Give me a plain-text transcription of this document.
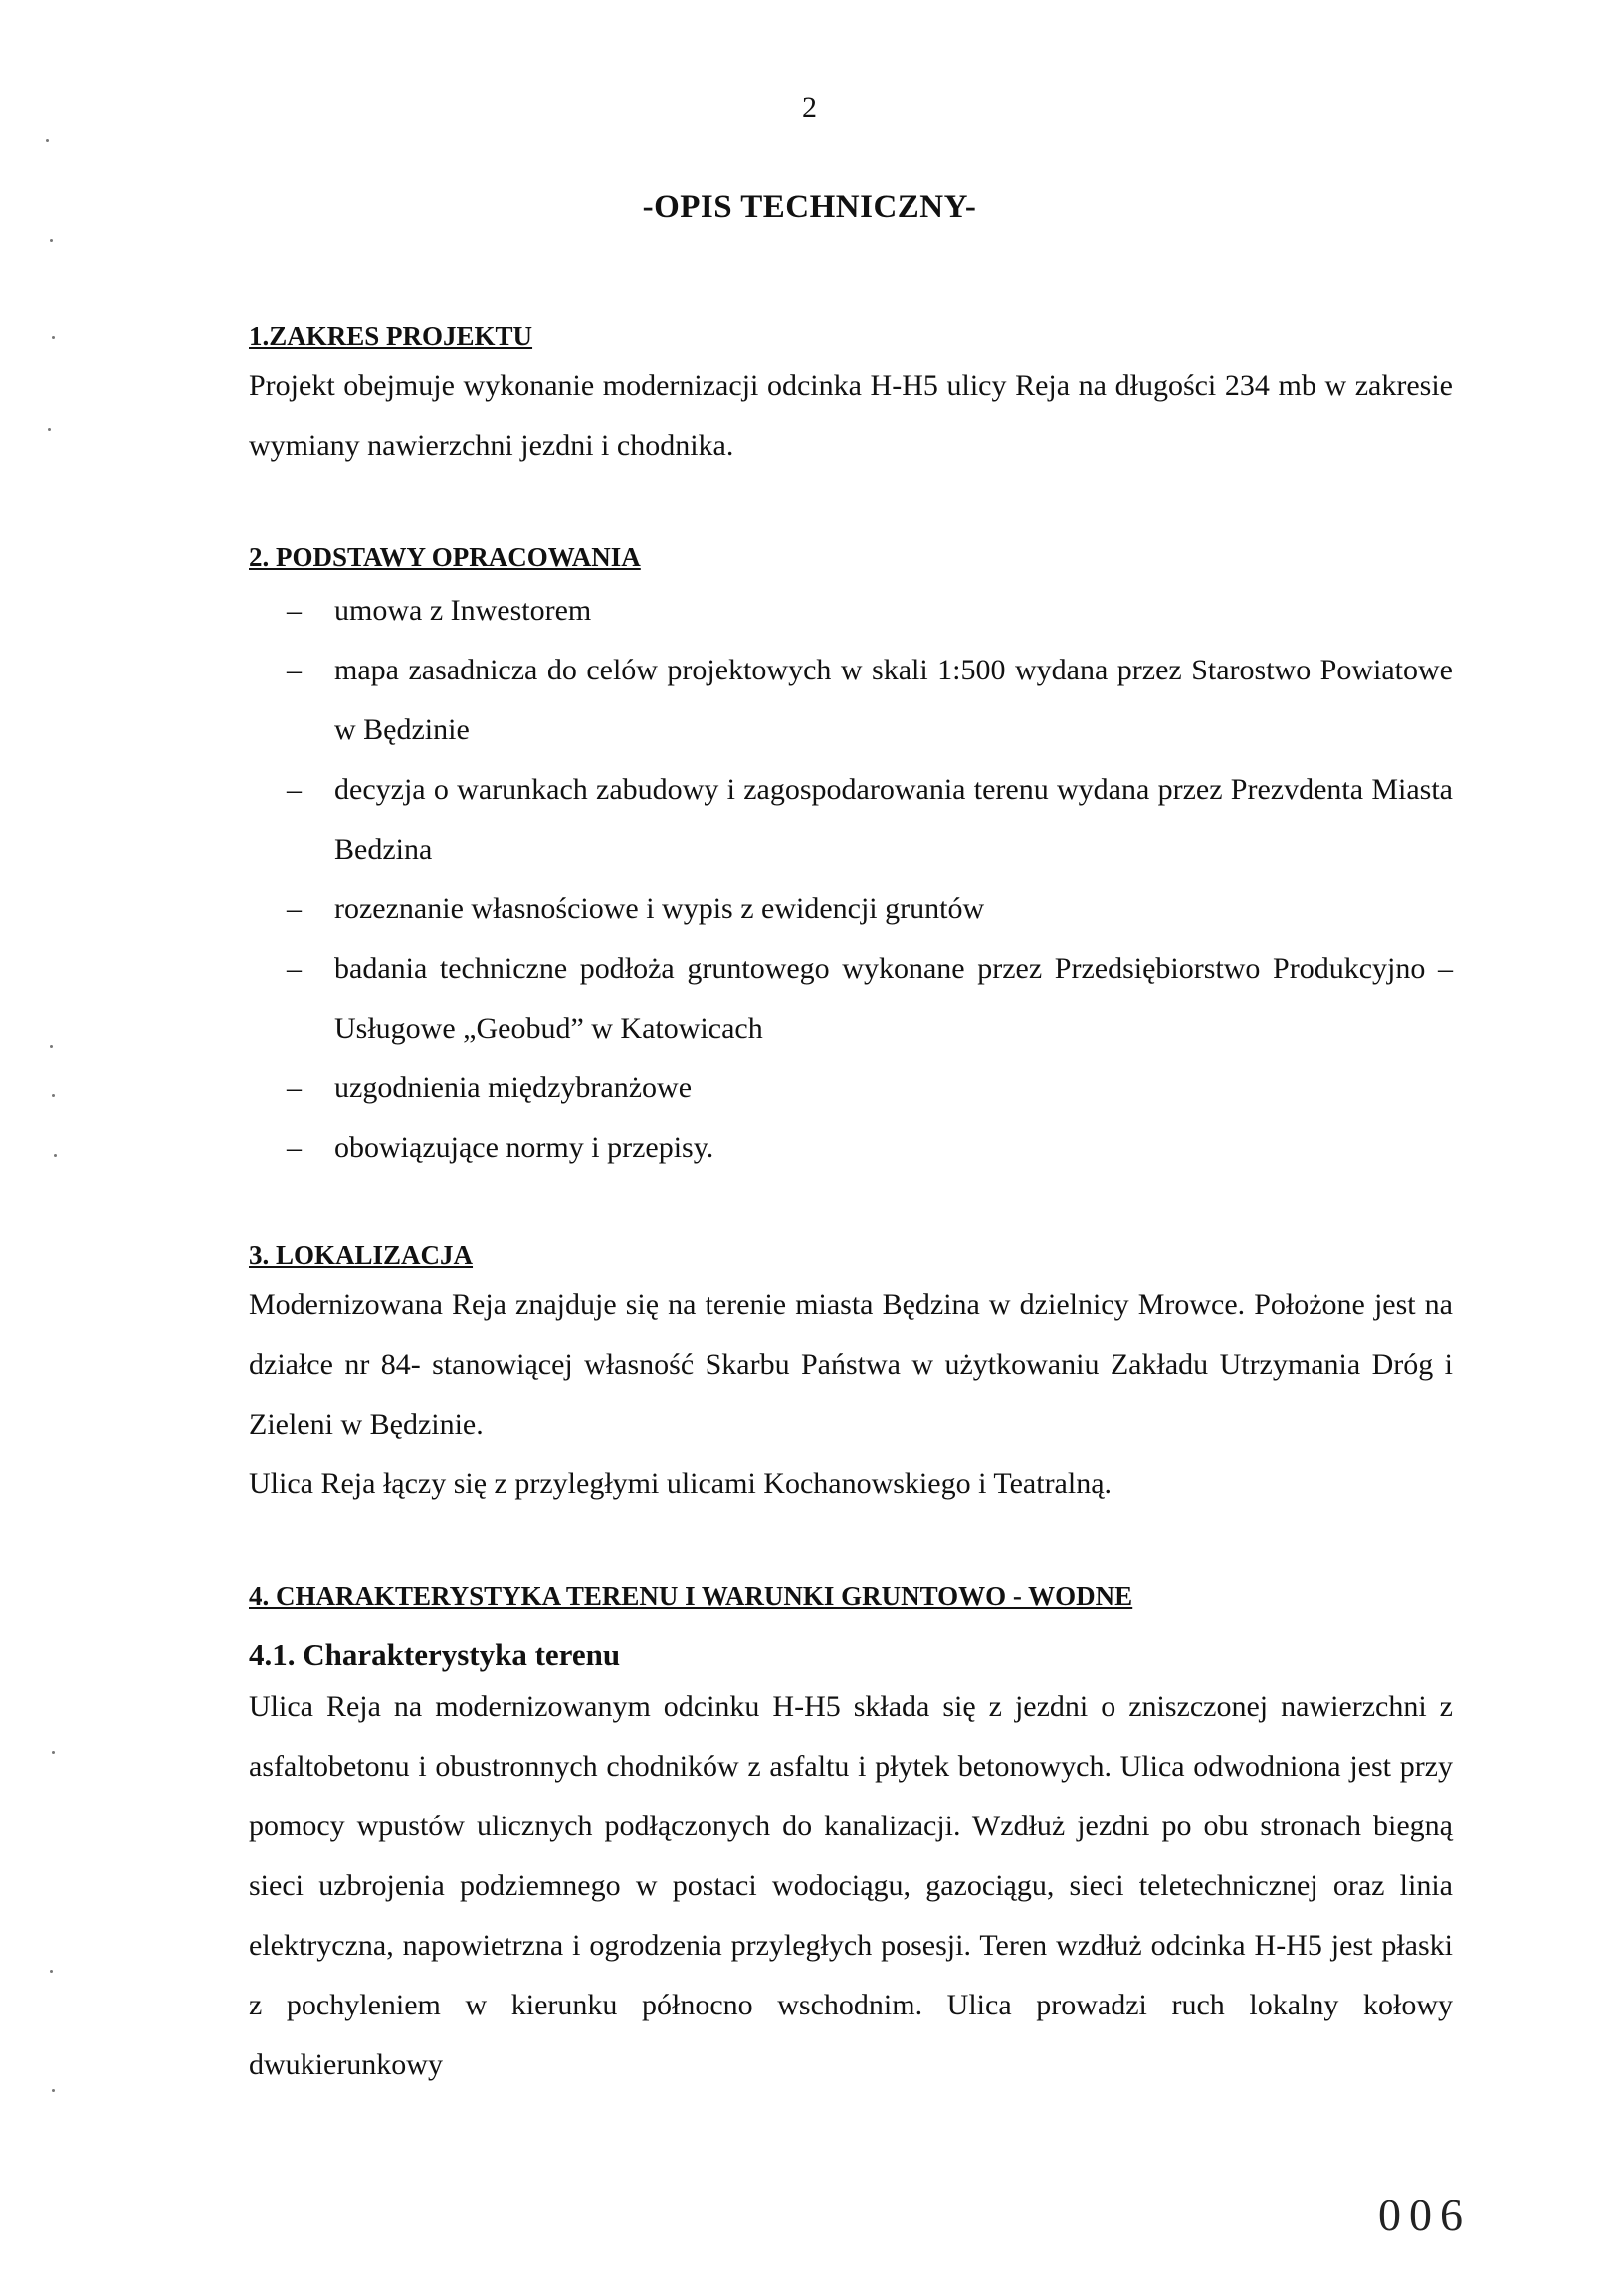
2
-OPIS TECHNICZNY-
1.ZAKRES PROJEKTU

Projekt obejmuje wykonanie modernizacji odcinka H-H5 ulicy Reja na długości 234 mb w zakresie wymiany nawierzchni jezdni i chodnika.

2. PODSTAWY OPRACOWANIA
– umowa z Inwestorem
– mapa zasadnicza do celów projektowych w skali 1:500 wydana przez Starostwo Powiatowe w Będzinie
– decyzja o warunkach zabudowy i zagospodarowania terenu wydana przez Prezvdenta Miasta Bedzina
– rozeznanie własnościowe i wypis z ewidencji gruntów
– badania techniczne podłoża gruntowego wykonane przez Przedsiębiorstwo Produkcyjno – Usługowe „Geobud” w Katowicach
– uzgodnienia międzybranżowe
– obowiązujące normy i przepisy.
3. LOKALIZACJA

Modernizowana Reja znajduje się na terenie miasta Będzina w dzielnicy Mrowce. Położone jest na działce nr 84- stanowiącej własność Skarbu Państwa w użytkowaniu Zakładu Utrzymania Dróg i Zieleni w Będzinie.

Ulica Reja łączy się z przyległymi ulicami Kochanowskiego i Teatralną.

4. CHARAKTERYSTYKA TERENU I WARUNKI GRUNTOWO - WODNE
4.1. Charakterystyka terenu

Ulica Reja na modernizowanym odcinku H-H5 składa się z jezdni o zniszczonej nawierzchni z asfaltobetonu i obustronnych chodników z asfaltu i płytek betonowych. Ulica odwodniona jest przy pomocy wpustów ulicznych podłączonych do kanalizacji. Wzdłuż jezdni po obu stronach biegną sieci uzbrojenia podziemnego w postaci wodociągu, gazociągu, sieci teletechnicznej oraz linia elektryczna, napowietrzna i ogrodzenia przyległych posesji. Teren wzdłuż odcinka H-H5 jest płaski z pochyleniem w kierunku północno wschodnim. Ulica prowadzi ruch lokalny kołowy dwukierunkowy

006
